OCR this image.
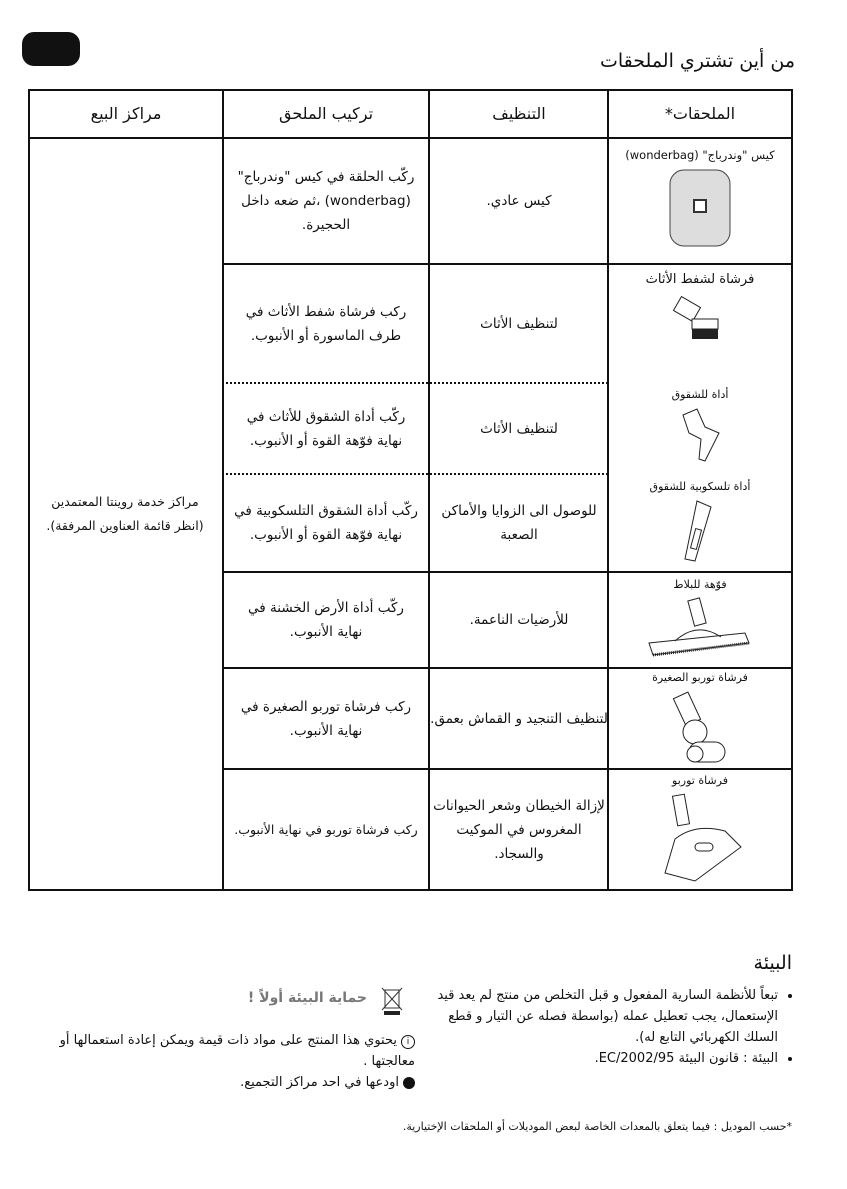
من أين تشتري الملحقات
الملحقات*
التنظيف
تركيب الملحق
مراكز البيع
مراكز خدمة روينتا المعتمدين (انظر قائمة العناوين المرفقة).
كيس "وندرباج" (wonderbag)
كيس عادي.
ركّب الحلقة في كيس "وندرباج" (wonderbag) ،ثم ضعه داخل الحجيرة.
فرشاة لشفط الأثاث
لتنظيف الأثاث
ركب فرشاة شفط الأثاث في طرف الماسورة أو الأنبوب.
أداة للشقوق
لتنظيف الأثاث
ركّب أداة الشقوق للأثاث في نهاية فوّهة القوة أو الأنبوب.
أداة تلسكوبية للشقوق
للوصول الى الزوايا والأماكن الصعبة
ركّب أداة الشقوق التلسكوبية في نهاية فوّهة القوة أو الأنبوب.
فوّهة للبلاط
للأرضيات الناعمة.
ركّب أداة الأرض الخشنة في نهاية الأنبوب.
فرشاة توربو الصغيرة
لتنظيف التنجيد و القماش بعمق.
ركب فرشاة توربو الصغيرة في نهاية الأنبوب.
فرشاة توربو
لإزالة الخيطان وشعر الحيوانات المغروس في الموكيت والسجاد.
ركب فرشاة توربو في نهاية الأنبوب.
البيئة
• تبعاً للأنظمة السارية المفعول و قبل التخلص من منتج لم يعد قيد الإستعمال، يجب تعطيل عمله (بواسطة فصله عن التيار و قطع السلك الكهربائي التابع له).
• البيئة : قانون البيئة 2002/95/EC.
حماية البيئة أولاً !
iيحتوي هذا المنتج على مواد ذات قيمة ويمكن إعادة استعمالها أو معالجتها .
اودعها في احد مراكز التجميع.
*حسب الموديل : فيما يتعلق بالمعدات الخاصة لبعض الموديلات أو الملحقات الإختيارية.
